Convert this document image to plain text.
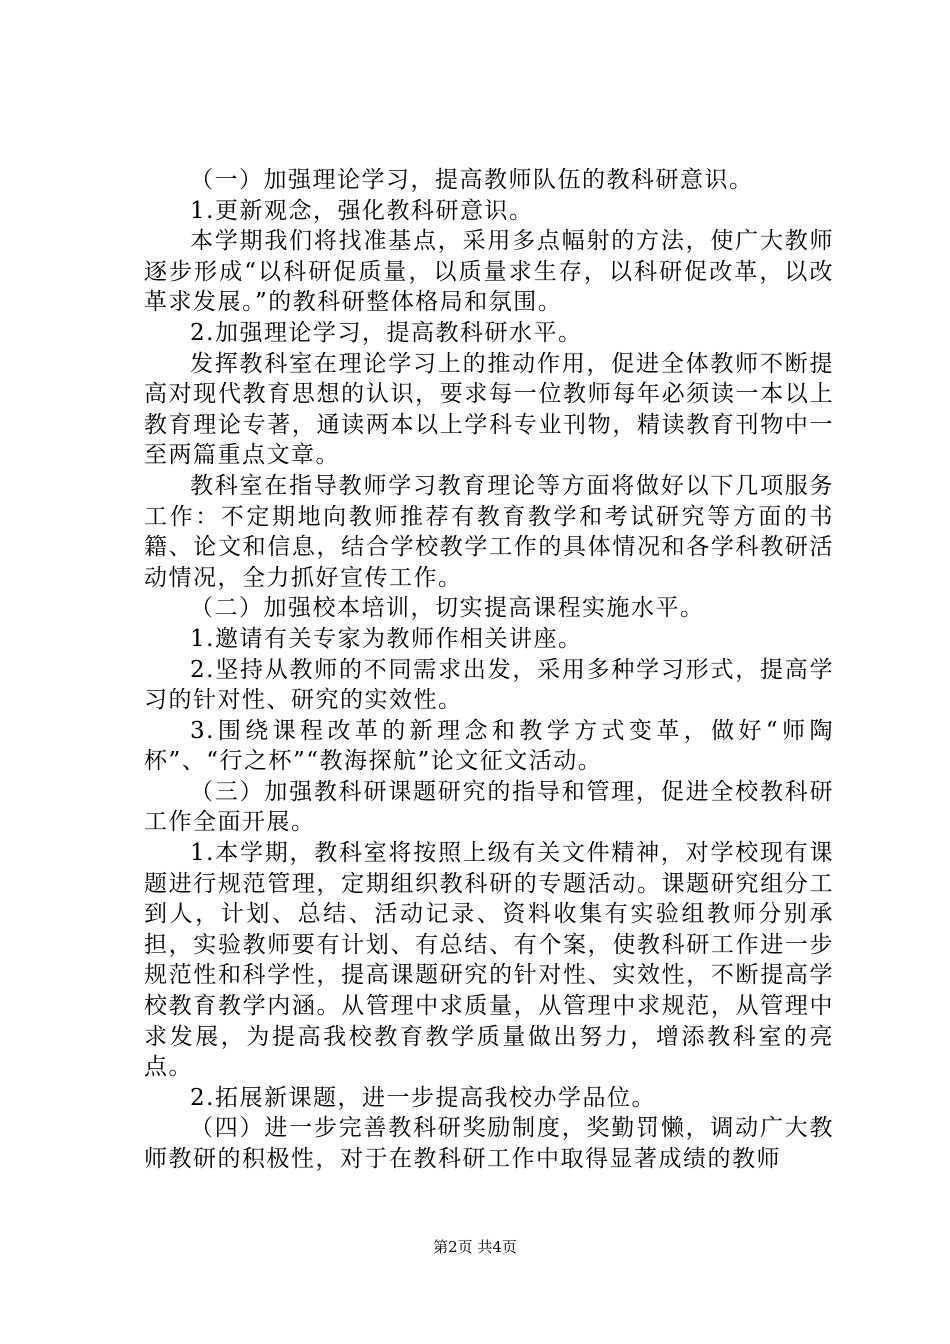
（一）加强理论学习，提高教师队伍的教科研意识。

1.更新观念，强化教科研意识。

本学期我们将找准基点，采用多点幅射的方法，使广大教师逐步形成“以科研促质量，以质量求生存，以科研促改革，以改革求发展。”的教科研整体格局和氛围。

2.加强理论学习，提高教科研水平。

发挥教科室在理论学习上的推动作用，促进全体教师不断提高对现代教育思想的认识，要求每一位教师每年必须读一本以上教育理论专著，通读两本以上学科专业刊物，精读教育刊物中一至两篇重点文章。

教科室在指导教师学习教育理论等方面将做好以下几项服务工作：不定期地向教师推荐有教育教学和考试研究等方面的书籍、论文和信息，结合学校教学工作的具体情况和各学科教研活动情况，全力抓好宣传工作。

（二）加强校本培训，切实提高课程实施水平。

1.邀请有关专家为教师作相关讲座。

2.坚持从教师的不同需求出发，采用多种学习形式，提高学习的针对性、研究的实效性。

3.围绕课程改革的新理念和教学方式变革，做好“师陶杯”、“行之杯”“教海探航”论文征文活动。

（三）加强教科研课题研究的指导和管理，促进全校教科研工作全面开展。

1.本学期，教科室将按照上级有关文件精神，对学校现有课题进行规范管理，定期组织教科研的专题活动。课题研究组分工到人，计划、总结、活动记录、资料收集有实验组教师分别承担，实验教师要有计划、有总结、有个案，使教科研工作进一步规范性和科学性，提高课题研究的针对性、实效性，不断提高学校教育教学内涵。从管理中求质量，从管理中求规范，从管理中求发展，为提高我校教育教学质量做出努力，增添教科室的亮点。

2.拓展新课题，进一步提高我校办学品位。

（四）进一步完善教科研奖励制度，奖勤罚懒，调动广大教师教研的积极性，对于在教科研工作中取得显著成绩的教师

第2页 共4页
